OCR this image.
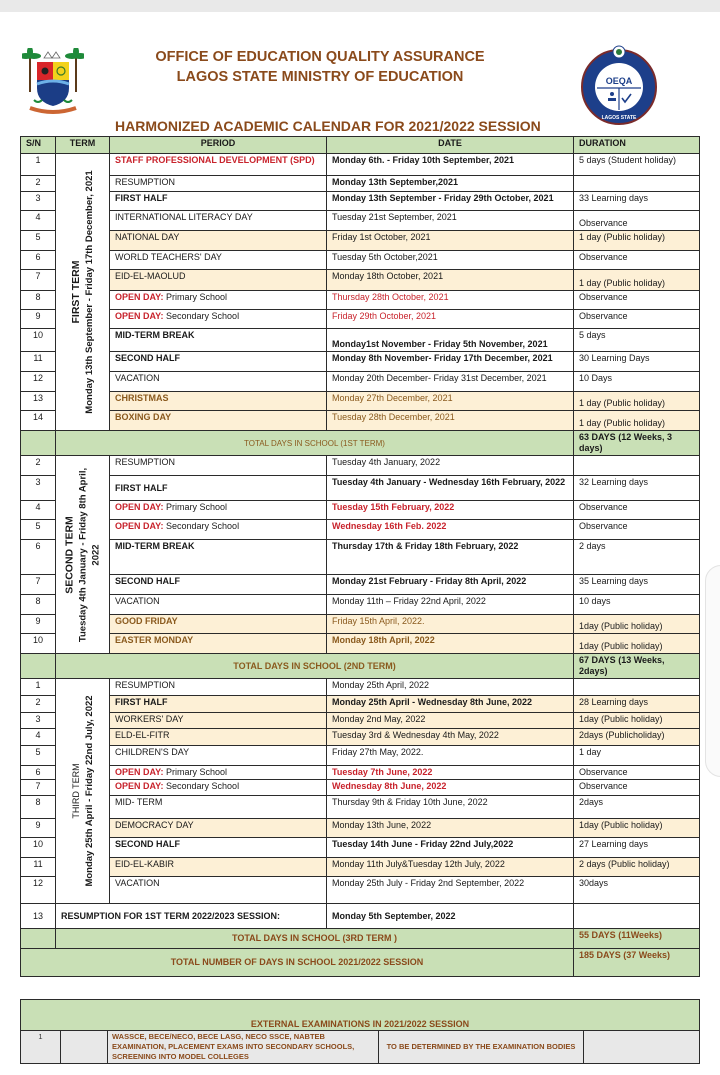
OEQA
LAGOS STATE
OFFICE OF EDUCATION QUALITY ASSURANCE
LAGOS STATE MINISTRY OF EDUCATION
HARMONIZED ACADEMIC CALENDAR FOR 2021/2022 SESSION
S/N	TERM	PERIOD	DATE	DURATION
1	FIRST TERM Monday 13th September - Friday 17th December, 2021	STAFF PROFESSIONAL DEVELOPMENT (SPD)	Monday 6th. - Friday 10th September, 2021	5 days (Student holiday)
2		RESUMPTION	Monday 13th September,2021	
3		FIRST HALF	Monday 13th September - Friday 29th October, 2021	33 Learning days
4		INTERNATIONAL LITERACY DAY	Tuesday 21st September, 2021	Observance
5		NATIONAL DAY	Friday 1st October, 2021	1 day (Public holiday)
6		WORLD TEACHERS' DAY	Tuesday 5th October,2021	Observance
7		EID-EL-MAOLUD	Monday 18th October, 2021	1 day (Public holiday)
8		OPEN DAY: Primary School	Thursday 28th October, 2021	Observance
9		OPEN DAY: Secondary School	Friday 29th October, 2021	Observance
10		MID-TERM BREAK	Monday1st November - Friday 5th November, 2021	5 days
11		SECOND HALF	Monday 8th November- Friday 17th December, 2021	30 Learning Days
12		VACATION	Monday 20th December- Friday 31st December, 2021	10 Days
13		CHRISTMAS	Monday 27th December, 2021	1 day (Public holiday)
14		BOXING DAY	Tuesday 28th December, 2021	1 day (Public holiday)
	TOTAL DAYS IN SCHOOL (1ST TERM)			63 DAYS (12 Weeks, 3 days)
2	SECOND TERM Tuesday 4th January - Friday 8th April, 2022	RESUMPTION	Tuesday 4th January, 2022	
3		FIRST HALF	Tuesday 4th January - Wednesday 16th February, 2022	32 Learning days
4		OPEN DAY: Primary School	Tuesday 15th February, 2022	Observance
5		OPEN DAY: Secondary School	Wednesday 16th Feb. 2022	Observance
6		MID-TERM BREAK	Thursday 17th & Friday 18th February, 2022	2 days
7		SECOND HALF	Monday 21st February - Friday 8th April, 2022	35 Learning days
8		VACATION	Monday 11th – Friday 22nd April, 2022	10 days
9		GOOD FRIDAY	Friday 15th April, 2022.	1day (Public holiday)
10		EASTER MONDAY	Monday 18th April, 2022	1day (Public holiday)
	TOTAL DAYS IN SCHOOL (2ND TERM)			67 DAYS (13 Weeks, 2days)
1	THIRD TERM Monday 25th April - Friday 22nd July, 2022	RESUMPTION	Monday 25th April, 2022	
2		FIRST HALF	Monday 25th April - Wednesday 8th June, 2022	28 Learning days
3		WORKERS' DAY	Monday 2nd May, 2022	1day (Public holiday)
4		ELD-EL-FITR	Tuesday 3rd & Wednesday 4th May, 2022	2days (Publicholiday)
5		CHILDREN'S DAY	Friday 27th May, 2022.	1 day
6		OPEN DAY: Primary School	Tuesday 7th June, 2022	Observance
7		OPEN DAY: Secondary School	Wednesday 8th June, 2022	Observance
8		MID- TERM	Thursday 9th & Friday 10th June, 2022	2days
9		DEMOCRACY DAY	Monday 13th June, 2022	1day (Public holiday)
10		SECOND HALF	Tuesday 14th June - Friday 22nd July,2022	27 Learning days
11		EID-EL-KABIR	Monday 11th July&Tuesday 12th July, 2022	2 days (Public holiday)
12		VACATION	Monday 25th July - Friday 2nd September, 2022	30days
13	RESUMPTION FOR 1ST TERM 2022/2023 SESSION:		Monday 5th September, 2022	
	TOTAL DAYS IN SCHOOL (3RD TERM )			55 DAYS (11Weeks)
TOTAL NUMBER OF DAYS IN SCHOOL 2021/2022 SESSION				185 DAYS (37 Weeks)
EXTERNAL EXAMINATIONS IN 2021/2022 SESSION
1		WASSCE, BECE/NECO, BECE LASG, NECO SSCE, NABTEB EXAMINATION, PLACEMENT EXAMS INTO SECONDARY SCHOOLS, SCREENING INTO MODEL COLLEGES	TO BE DETERMINED BY THE EXAMINATION BODIES	
